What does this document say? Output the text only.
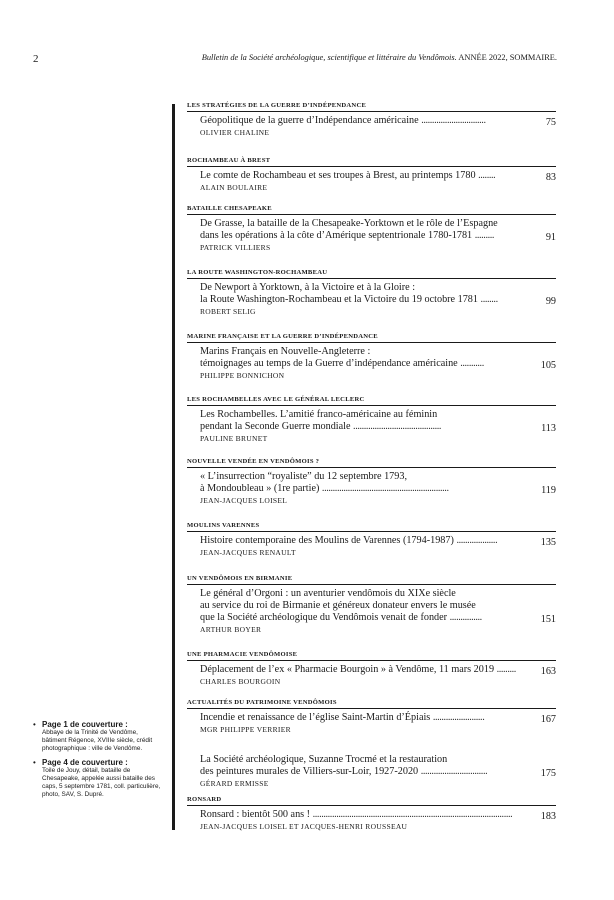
2	Bulletin de la Société archéologique, scientifique et littéraire du Vendômois. ANNÉE 2022, SOMMAIRE.
LES STRATÉGIES DE LA GUERRE D’INDÉPENDANCE
Géopolitique de la guerre d’Indépendance américaine ..............................	75
OLIVIER CHALINE
ROCHAMBEAU À BREST
Le comte de Rochambeau et ses troupes à Brest, au printemps 1780 ........	83
ALAIN BOULAIRE
BATAILLE CHESAPEAKE
De Grasse, la bataille de la Chesapeake-Yorktown et le rôle de l’Espagne
dans les opérations à la côte d’Amérique septentrionale 1780-1781 .........	91
PATRICK VILLIERS
LA ROUTE WASHINGTON-ROCHAMBEAU
De Newport à Yorktown, à la Victoire et à la Gloire :
la Route Washington-Rochambeau et la Victoire du 19 octobre 1781 ........	99
ROBERT SELIG
MARINE FRANÇAISE ET LA GUERRE D’INDÉPENDANCE
Marins Français en Nouvelle-Angleterre :
témoignages au temps de la Guerre d’indépendance américaine ...........	105
PHILIPPE BONNICHON
LES ROCHAMBELLES AVEC LE GÉNÉRAL LECLERC
Les Rochambelles. L’amitié franco-américaine au féminin
pendant la Seconde Guerre mondiale .........................................	113
PAULINE BRUNET
NOUVELLE VENDÉE EN VENDÔMOIS ?
« L’insurrection “royaliste” du 12 septembre 1793,
à Mondoubleau » (1re partie) ...........................................................	119
JEAN-JACQUES LOISEL
MOULINS VARENNES
Histoire contemporaine des Moulins de Varennes (1794-1987) ...................	135
JEAN-JACQUES RENAULT
UN VENDÔMOIS EN BIRMANIE
Le général d’Orgoni : un aventurier vendômois du XIXe siècle
au service du roi de Birmanie et généreux donateur envers le musée
que la Société archéologique du Vendômois venait de fonder ...............	151
ARTHUR BOYER
UNE PHARMACIE VENDÔMOISE
Déplacement de l’ex « Pharmacie Bourgoin » à Vendôme, 11 mars 2019 .........	163
CHARLES BOURGOIN
ACTUALITÉS DU PATRIMOINE VENDÔMOIS
Incendie et renaissance de l’église Saint-Martin d’Épiais ........................	167
MGR PHILIPPE VERRIER
La Société archéologique, Suzanne Trocmé et la restauration
des peintures murales de Villiers-sur-Loir, 1927-2020 ...............................	175
GÉRARD ERMISSE
RONSARD
Ronsard : bientôt 500 ans ! .............................................................................................	183
JEAN-JACQUES LOISEL ET JACQUES-HENRI ROUSSEAU
• Page 1 de couverture :
Abbaye de la Trinité de Vendôme, bâtiment Régence, XVIIIe siècle, crédit photographique : ville de Vendôme.
• Page 4 de couverture :
Toile de Jouy, détail, bataille de Chesapeake, appelée aussi bataille des caps, 5 septembre 1781, coll. particulière, photo, SAV, S. Dupré.
